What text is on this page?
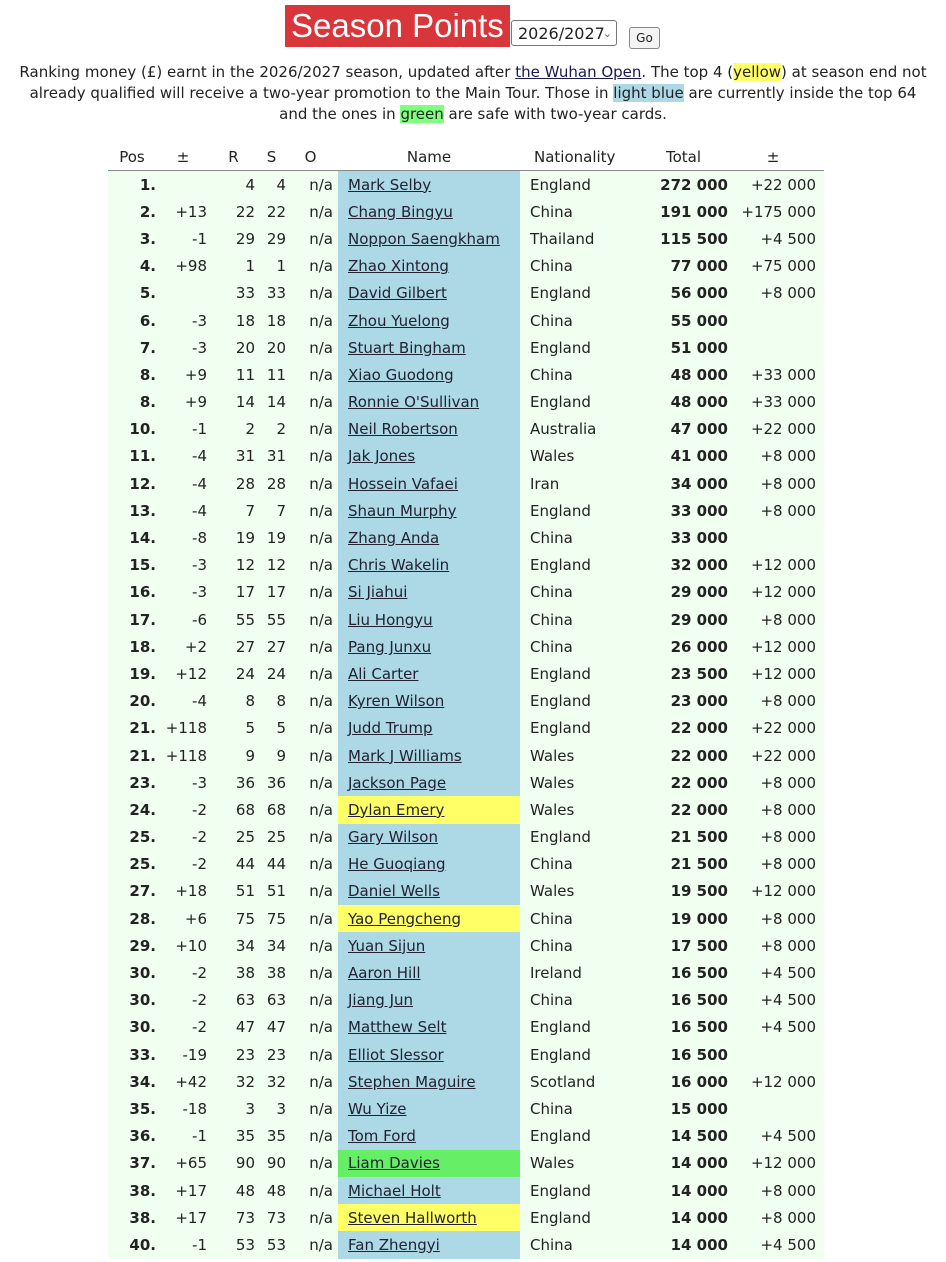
Season Points 2026/2027
⌄	Go
Ranking money (£) earnt in the 2026/2027 season, updated after the Wuhan Open. The top 4 (yellow) at season end not already qualified will receive a two-year promotion to the Main Tour. Those in light blue are currently inside the top 64 and the ones in green are safe with two-year cards.
Pos	±	R	S	O	Name	Nationality	Total	±
1.		4	4	n/a	Mark Selby	England	272 000	+22 000
2.	+13	22	22	n/a	Chang Bingyu	China	191 000	+175 000
3.	-1	29	29	n/a	Noppon Saengkham	Thailand	115 500	+4 500
4.	+98	1	1	n/a	Zhao Xintong	China	77 000	+75 000
5.		33	33	n/a	David Gilbert	England	56 000	+8 000
6.	-3	18	18	n/a	Zhou Yuelong	China	55 000	
7.	-3	20	20	n/a	Stuart Bingham	England	51 000	
8.	+9	11	11	n/a	Xiao Guodong	China	48 000	+33 000
8.	+9	14	14	n/a	Ronnie O'Sullivan	England	48 000	+33 000
10.	-1	2	2	n/a	Neil Robertson	Australia	47 000	+22 000
11.	-4	31	31	n/a	Jak Jones	Wales	41 000	+8 000
12.	-4	28	28	n/a	Hossein Vafaei	Iran	34 000	+8 000
13.	-4	7	7	n/a	Shaun Murphy	England	33 000	+8 000
14.	-8	19	19	n/a	Zhang Anda	China	33 000	
15.	-3	12	12	n/a	Chris Wakelin	England	32 000	+12 000
16.	-3	17	17	n/a	Si Jiahui	China	29 000	+12 000
17.	-6	55	55	n/a	Liu Hongyu	China	29 000	+8 000
18.	+2	27	27	n/a	Pang Junxu	China	26 000	+12 000
19.	+12	24	24	n/a	Ali Carter	England	23 500	+12 000
20.	-4	8	8	n/a	Kyren Wilson	England	23 000	+8 000
21.	+118	5	5	n/a	Judd Trump	England	22 000	+22 000
21.	+118	9	9	n/a	Mark J Williams	Wales	22 000	+22 000
23.	-3	36	36	n/a	Jackson Page	Wales	22 000	+8 000
24.	-2	68	68	n/a	Dylan Emery	Wales	22 000	+8 000
25.	-2	25	25	n/a	Gary Wilson	England	21 500	+8 000
25.	-2	44	44	n/a	He Guoqiang	China	21 500	+8 000
27.	+18	51	51	n/a	Daniel Wells	Wales	19 500	+12 000
28.	+6	75	75	n/a	Yao Pengcheng	China	19 000	+8 000
29.	+10	34	34	n/a	Yuan Sijun	China	17 500	+8 000
30.	-2	38	38	n/a	Aaron Hill	Ireland	16 500	+4 500
30.	-2	63	63	n/a	Jiang Jun	China	16 500	+4 500
30.	-2	47	47	n/a	Matthew Selt	England	16 500	+4 500
33.	-19	23	23	n/a	Elliot Slessor	England	16 500	
34.	+42	32	32	n/a	Stephen Maguire	Scotland	16 000	+12 000
35.	-18	3	3	n/a	Wu Yize	China	15 000	
36.	-1	35	35	n/a	Tom Ford	England	14 500	+4 500
37.	+65	90	90	n/a	Liam Davies	Wales	14 000	+12 000
38.	+17	48	48	n/a	Michael Holt	England	14 000	+8 000
38.	+17	73	73	n/a	Steven Hallworth	England	14 000	+8 000
40.	-1	53	53	n/a	Fan Zhengyi	China	14 000	+4 500
